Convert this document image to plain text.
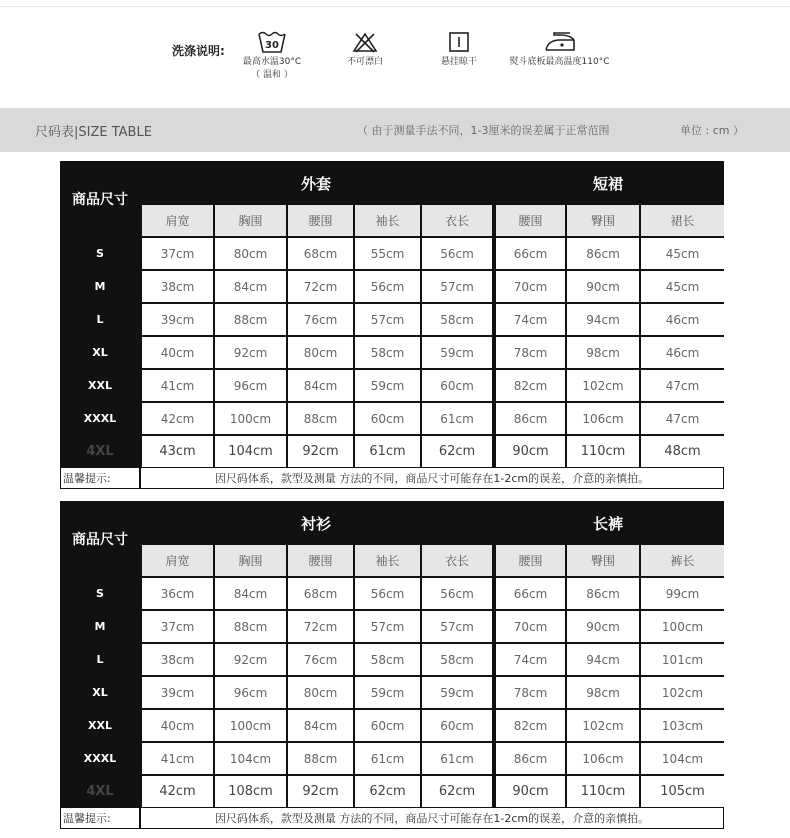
洗涤说明:	30
最高水温30°C
（ 温和 ）
不可漂白	悬挂晾干	熨斗底板最高温度110°C
尺码表|SIZE TABLE	（ 由于测量手法不同，1-3厘米的误差属于正常范围	单位 : cm ）
商品尺寸	外套					短裙		
	肩宽	胸围	腰围	袖长	衣长	腰围	臀围	裙长
S	37cm	80cm	68cm	55cm	56cm	66cm	86cm	45cm
M	38cm	84cm	72cm	56cm	57cm	70cm	90cm	45cm
L	39cm	88cm	76cm	57cm	58cm	74cm	94cm	46cm
XL	40cm	92cm	80cm	58cm	59cm	78cm	98cm	46cm
XXL	41cm	96cm	84cm	59cm	60cm	82cm	102cm	47cm
XXXL	42cm	100cm	88cm	60cm	61cm	86cm	106cm	47cm
4XL	43cm	104cm	92cm	61cm	62cm	90cm	110cm	48cm
温馨提示:	因尺码体系，款型及测量 方法的不同，商品尺寸可能存在1-2cm的误差，介意的亲慎拍。							
商品尺寸	衬衫					长裤		
	肩宽	胸围	腰围	袖长	衣长	腰围	臀围	裤长
S	36cm	84cm	68cm	56cm	56cm	66cm	86cm	99cm
M	37cm	88cm	72cm	57cm	57cm	70cm	90cm	100cm
L	38cm	92cm	76cm	58cm	58cm	74cm	94cm	101cm
XL	39cm	96cm	80cm	59cm	59cm	78cm	98cm	102cm
XXL	40cm	100cm	84cm	60cm	60cm	82cm	102cm	103cm
XXXL	41cm	104cm	88cm	61cm	61cm	86cm	106cm	104cm
4XL	42cm	108cm	92cm	62cm	62cm	90cm	110cm	105cm
温馨提示:	因尺码体系，款型及测量 方法的不同，商品尺寸可能存在1-2cm的误差，介意的亲慎拍。							
